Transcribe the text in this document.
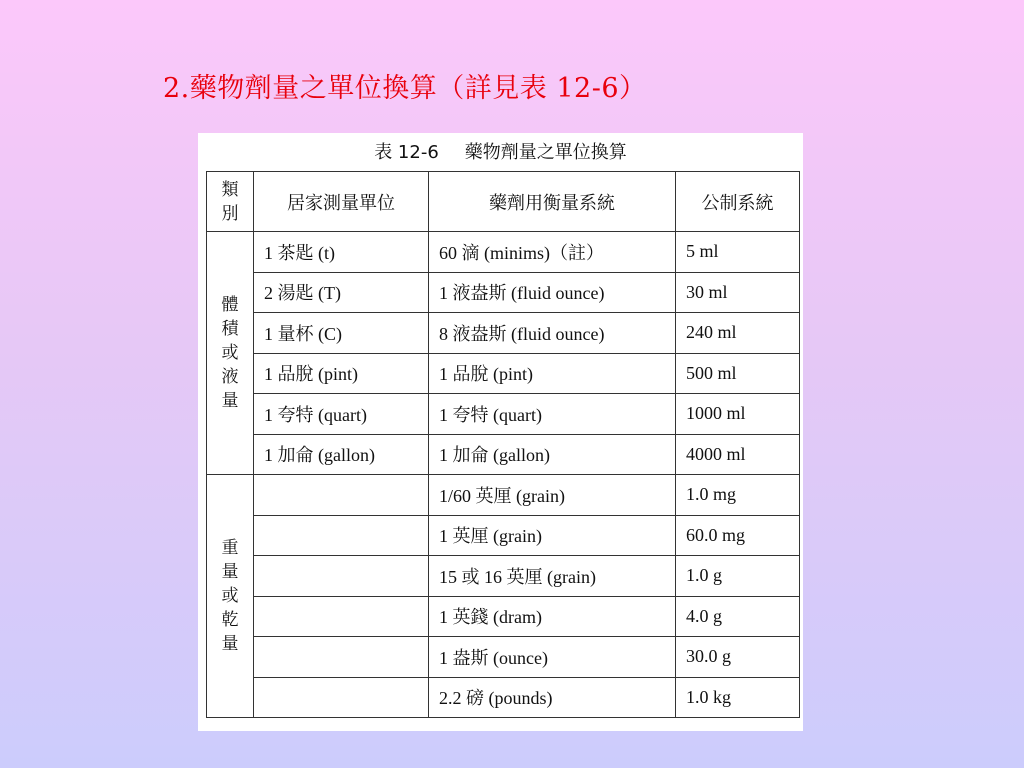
2.藥物劑量之單位換算（詳見表 12-6）
表 12-6 藥物劑量之單位換算
類別	居家測量單位	藥劑用衡量系統	公制系統
體積或液量	1 茶匙 (t)	60 滴 (minims)（註）	5 ml
	2 湯匙 (T)	1 液盎斯 (fluid ounce)	30 ml
	1 量杯 (C)	8 液盎斯 (fluid ounce)	240 ml
	1 品脫 (pint)	1 品脫 (pint)	500 ml
	1 夸特 (quart)	1 夸特 (quart)	1000 ml
	1 加侖 (gallon)	1 加侖 (gallon)	4000 ml
重量或乾量		1/60 英厘 (grain)	1.0 mg
		1 英厘 (grain)	60.0 mg
		15 或 16 英厘 (grain)	1.0 g
		1 英錢 (dram)	4.0 g
		1 盎斯 (ounce)	30.0 g
		2.2 磅 (pounds)	1.0 kg
